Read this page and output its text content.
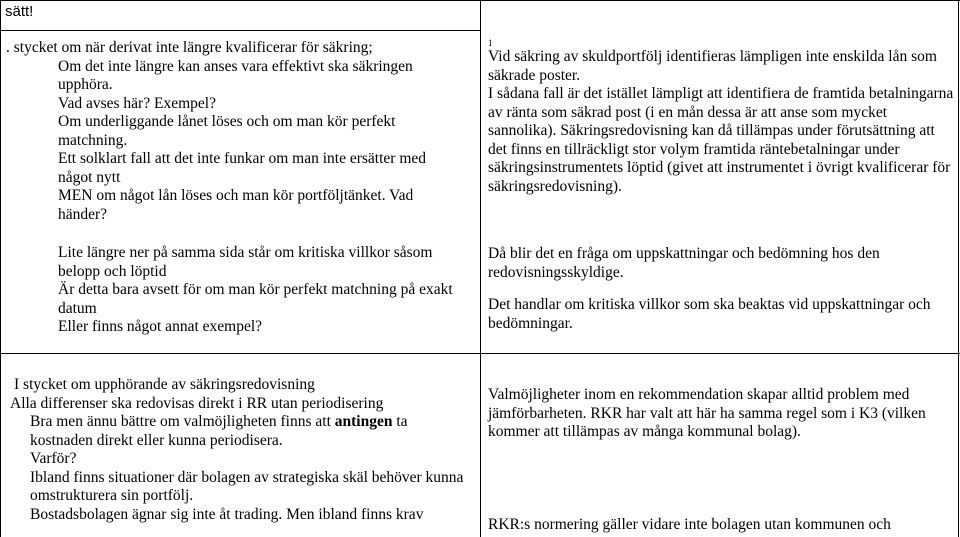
sätt!

. stycket om när derivat inte längre kvalificerar för säkring;

Om det inte längre kan anses vara effektivt ska säkringen upphöra.

Vad avses här? Exempel?

Om underliggande lånet löses och om man kör perfekt matchning.

Ett solklart fall att det inte funkar om man inte ersätter med något nytt

MEN om något lån löses och man kör portföljtänket. Vad händer?

Lite längre ner på samma sida står om kritiska villkor såsom belopp och löptid

Är detta bara avsett för om man kör perfekt matchning på exakt datum

Eller finns något annat exempel?

1

Vid säkring av skuldportfölj identifieras lämpligen inte enskilda lån som säkrade poster.

I sådana fall är det istället lämpligt att identifiera de framtida betalningarna av ränta som säkrad post (i en mån dessa är att anse som mycket sannolika). Säkringsredovisning kan då tillämpas under förutsättning att det finns en tillräckligt stor volym framtida räntebetalningar under säkringsinstrumentets löptid (givet att instrumentet i övrigt kvalificerar för säkringsredovisning).

Då blir det en fråga om uppskattningar och bedömning hos den redovisningsskyldige.

Det handlar om kritiska villkor som ska beaktas vid uppskattningar och bedömningar.

I stycket om upphörande av säkringsredovisning

Alla differenser ska redovisas direkt i RR utan periodisering

Bra men ännu bättre om valmöjligheten finns att antingen ta kostnaden direkt eller kunna periodisera.

Varför?

Ibland finns situationer där bolagen av strategiska skäl behöver kunna omstrukturera sin portfölj.

Bostadsbolagen ägnar sig inte åt trading. Men ibland finns krav

Valmöjligheter inom en rekommendation skapar alltid problem med jämförbarheten. RKR har valt att här ha samma regel som i K3 (vilken kommer att tillämpas av många kommunal bolag).

RKR:s normering gäller vidare inte bolagen utan kommunen och
